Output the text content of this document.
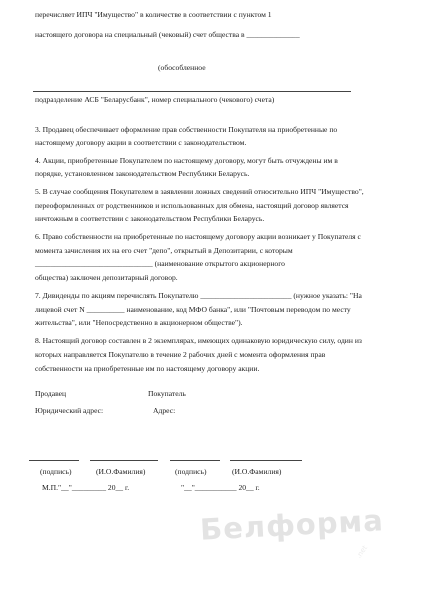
перечисляет ИПЧ "Имущество" в количестве в соответствии с пунктом 1

настоящего договора на специальный (чековый) счет общества в ______________

(обособленное

подразделение АСБ "Беларусбанк", номер специального (чекового) счета)

3. Продавец обеспечивает оформление прав собственности Покупателя на приобретенные по

настоящему договору акции в соответствии с законодательством.

4. Акции, приобретенные Покупателем по настоящему договору, могут быть отчуждены им в

порядке, установленном законодательством Республики Беларусь.

5. В случае сообщения Покупателем в заявлении ложных сведений относительно ИПЧ "Имущество",

переоформленных от родственников и использованных для обмена, настоящий договор является

ничтожным в соответствии с законодательством Республики Беларусь.

6. Право собственности на приобретенные по настоящему договору акции возникает у Покупателя с

момента зачисления их на его счет "депо", открытый в Депозитарии, с которым

_______________________________ (наименование открытого акционерного

общества) заключен депозитарный договор.

7. Дивиденды по акциям перечислять Покупателю ________________________ (нужное указать: "На

лицевой счет N __________ наименование, код МФО банка", или "Почтовым переводом по месту

жительства", или "Непосредственно в акционерном обществе").

8. Настоящий договор составлен в 2 экземплярах, имеющих одинаковую юридическую силу, один из

которых направляется Покупателю в течение 2 рабочих дней с момента оформления прав

собственности на приобретенные им по настоящему договору акции.

Продавец	Покупатель

Юридический адрес:	Адрес:

(подпись)	(И.О.Фамилия)	(подпись)	(И.О.Фамилия)

М.П."__"_________ 20__ г.	"__"___________ 20__ г.

Белформа
.net
